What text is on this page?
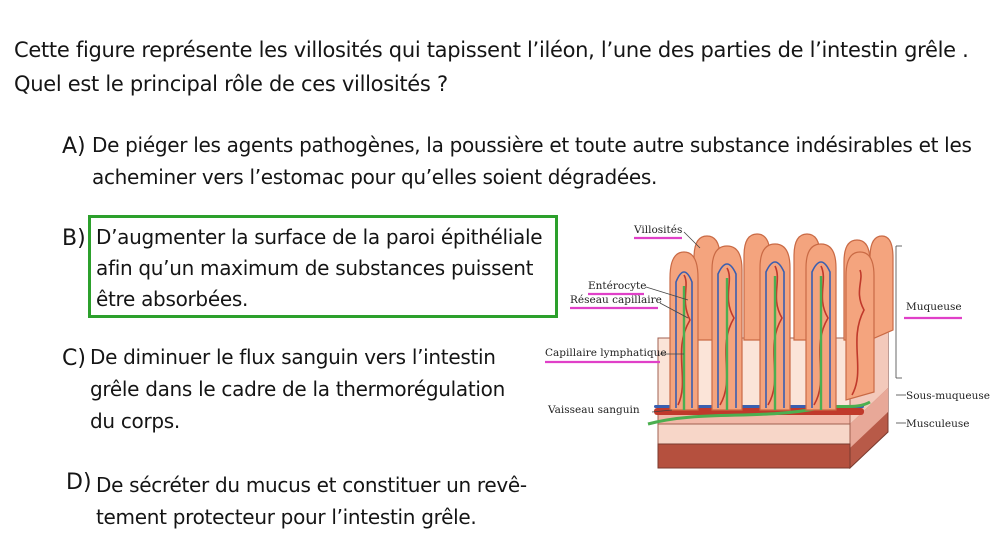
Cette figure représente les villosités qui tapissent l’iléon, l’une des parties de l’intestin grêle .
Quel est le principal rôle de ces villosités ?
A) De piéger les agents pathogènes, la poussière et toute autre substance indésirables et les
acheminer vers l’estomac pour qu’elles soient dégradées.
B) D’augmenter la surface de la paroi épithéliale
afin qu’un maximum de substances puissent
être absorbées.
C) De diminuer le flux sanguin vers l’intestin
grêle dans le cadre de la thermorégulation
du corps.
D) De sécréter du mucus et constituer un revê-
tement protecteur pour l’intestin grêle.
Villosités
Entérocyte
Réseau capillaire
Capillaire lymphatique
Vaisseau sanguin
Muqueuse
Sous-muqueuse
Musculeuse
